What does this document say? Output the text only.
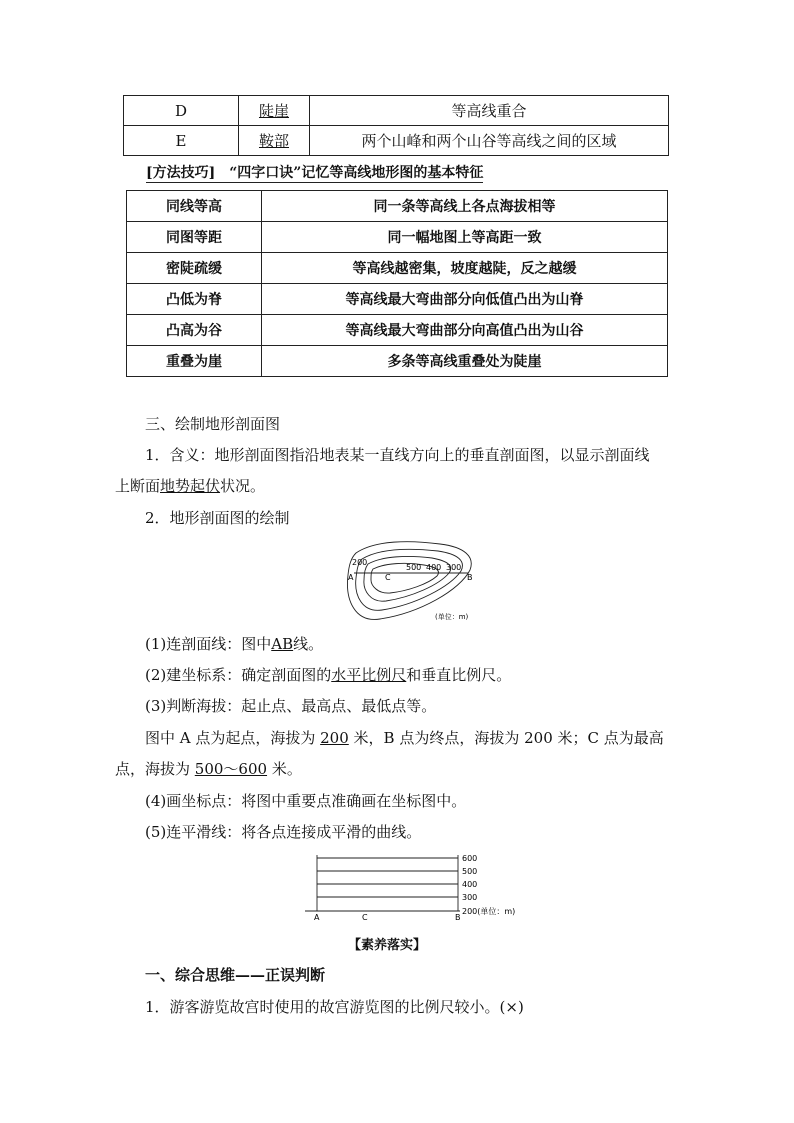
D	陡崖	等高线重合
E	鞍部	两个山峰和两个山谷等高线之间的区域
[方法技巧]　“四字口诀”记忆等高线地形图的基本特征
同线等高	同一条等高线上各点海拔相等
同图等距	同一幅地图上等高距一致
密陡疏缓	等高线越密集，坡度越陡，反之越缓
凸低为脊	等高线最大弯曲部分向低值凸出为山脊
凸高为谷	等高线最大弯曲部分向高值凸出为山谷
重叠为崖	多条等高线重叠处为陡崖
三、绘制地形剖面图
1．含义：地形剖面图指沿地表某一直线方向上的垂直剖面图，以显示剖面线
上断面地势起伏状况。
2．地形剖面图的绘制
200
500 400 300
A	C	B
(单位：m)
(1)连剖面线：图中AB线。
(2)建坐标系：确定剖面图的水平比例尺和垂直比例尺。
(3)判断海拔：起止点、最高点、最低点等。
图中 A 点为起点，海拔为 200 米，B 点为终点，海拔为 200 米；C 点为最高
点，海拔为 500～600 米。
(4)画坐标点：将图中重要点准确画在坐标图中。
(5)连平滑线：将各点连接成平滑的曲线。
600
500
400
300
200(单位：m)
A	C	B
【素养落实】
一、综合思维——正误判断
1．游客游览故宫时使用的故宫游览图的比例尺较小。(×)
